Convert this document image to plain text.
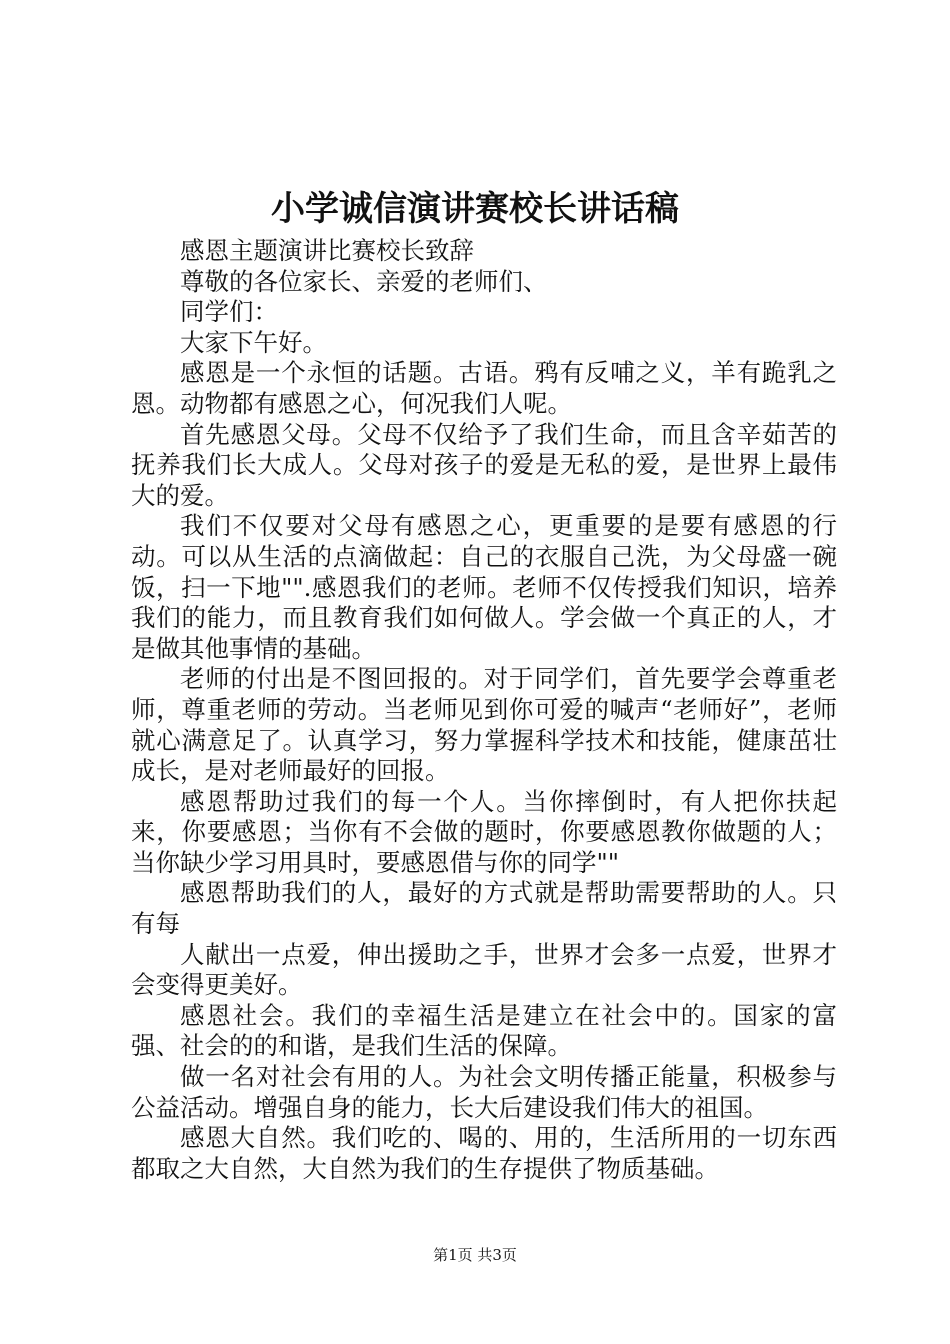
小学诚信演讲赛校长讲话稿

感恩主题演讲比赛校长致辞

尊敬的各位家长、亲爱的老师们、

同学们：

大家下午好。

感恩是一个永恒的话题。古语。鸦有反哺之义，羊有跪乳之恩。动物都有感恩之心，何况我们人呢。

首先感恩父母。父母不仅给予了我们生命，而且含辛茹苦的抚养我们长大成人。父母对孩子的爱是无私的爱，是世界上最伟大的爱。

我们不仅要对父母有感恩之心，更重要的是要有感恩的行动。可以从生活的点滴做起：自己的衣服自己洗，为父母盛一碗饭，扫一下地"".感恩我们的老师。老师不仅传授我们知识，培养我们的能力，而且教育我们如何做人。学会做一个真正的人，才是做其他事情的基础。

老师的付出是不图回报的。对于同学们，首先要学会尊重老师，尊重老师的劳动。当老师见到你可爱的喊声“老师好”，老师就心满意足了。认真学习，努力掌握科学技术和技能，健康茁壮成长，是对老师最好的回报。

感恩帮助过我们的每一个人。当你摔倒时，有人把你扶起来，你要感恩；当你有不会做的题时，你要感恩教你做题的人；当你缺少学习用具时，要感恩借与你的同学""

感恩帮助我们的人，最好的方式就是帮助需要帮助的人。只有每

人献出一点爱，伸出援助之手，世界才会多一点爱，世界才会变得更美好。

感恩社会。我们的幸福生活是建立在社会中的。国家的富强、社会的的和谐，是我们生活的保障。

做一名对社会有用的人。为社会文明传播正能量，积极参与公益活动。增强自身的能力，长大后建设我们伟大的祖国。

感恩大自然。我们吃的、喝的、用的，生活所用的一切东西都取之大自然，大自然为我们的生存提供了物质基础。

第1页 共3页
